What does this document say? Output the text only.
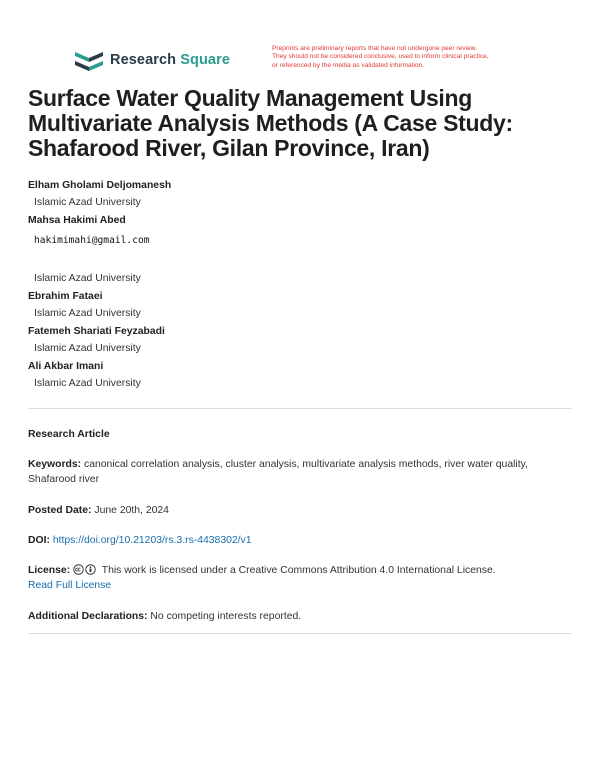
Research Square
Preprints are preliminary reports that have not undergone peer review.
They should not be considered conclusive, used to inform clinical practice,
or referenced by the media as validated information.
Surface Water Quality Management Using Multivariate Analysis Methods (A Case Study: Shafarood River, Gilan Province, Iran)
Elham Gholami Deljomanesh
Islamic Azad University
Mahsa Hakimi Abed
hakimimahi@gmail.com
Islamic Azad University
Ebrahim Fataei
Islamic Azad University
Fatemeh Shariati Feyzabadi
Islamic Azad University
Ali Akbar Imani
Islamic Azad University
Research Article
Keywords: canonical correlation analysis, cluster analysis, multivariate analysis methods, river water quality, Shafarood river
Posted Date: June 20th, 2024
DOI: https://doi.org/10.21203/rs.3.rs-4438302/v1
License:	This work is licensed under a Creative Commons Attribution 4.0 International License.
Read Full License
Additional Declarations: No competing interests reported.
